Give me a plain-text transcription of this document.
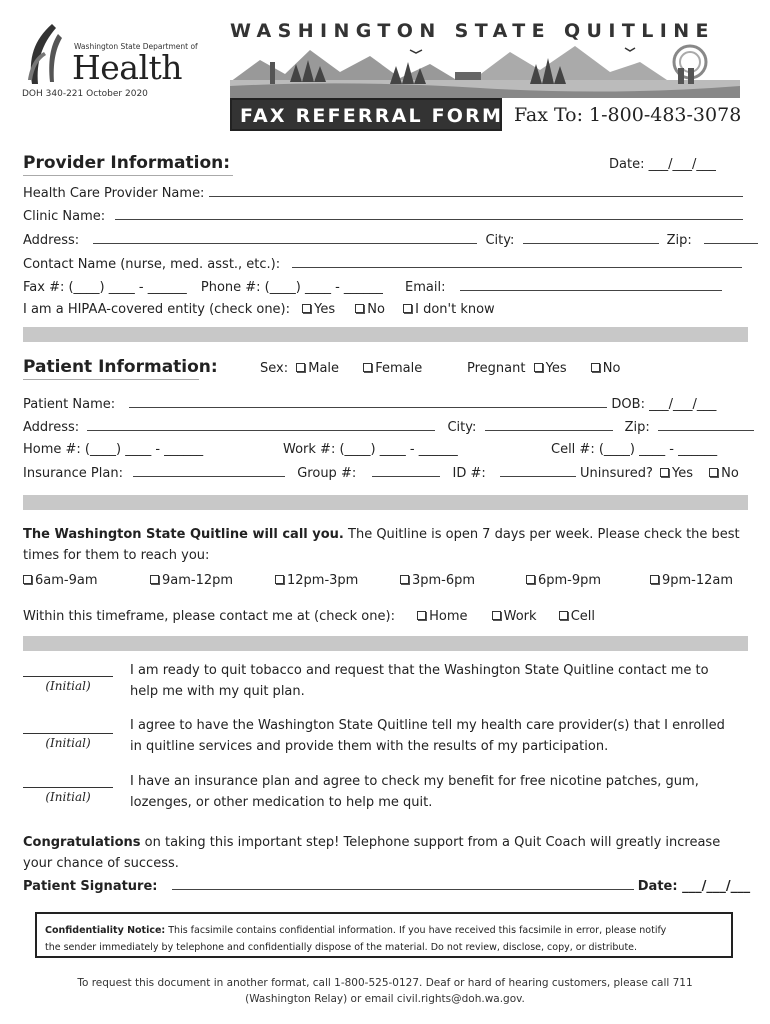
Washington State Department of
Health
DOH 340-221 October 2020
WASHINGTON STATE QUITLINE
FAX REFERRAL FORM Fax To: 1-800-483-3078
Provider Information:	Date: ___/___/___
Health Care Provider Name:
Clinic Name:
Address:	City:	Zip:
Contact Name (nurse, med. asst., etc.):
Fax #: (____) ____ - ______ Phone #: (____) ____ - ______ Email:
I am a HIPAA-covered entity (check one): Yes No I don't know
Patient Information:	Sex: Male	Female	Pregnant Yes	No
Patient Name:	DOB: ___/___/___
Address:	City:	Zip:
Home #: (____) ____ - ______	Work #: (____) ____ - ______	Cell #: (____) ____ - ______
Insurance Plan:	Group #:	ID #:	Uninsured? Yes No
The Washington State Quitline will call you. The Quitline is open 7 days per week. Please check the best
times for them to reach you:
6am-9am	9am-12pm	12pm-3pm	3pm-6pm	6pm-9pm	9pm-12am
Within this timeframe, please contact me at (check one):	Home	Work	Cell
(Initial)
I am ready to quit tobacco and request that the Washington State Quitline contact me to
help me with my quit plan.
(Initial)
I agree to have the Washington State Quitline tell my health care provider(s) that I enrolled
in quitline services and provide them with the results of my participation.
(Initial)
I have an insurance plan and agree to check my benefit for free nicotine patches, gum,
lozenges, or other medication to help me quit.
Congratulations on taking this important step! Telephone support from a Quit Coach will greatly increase
your chance of success.
Patient Signature:	Date: ___/___/___
Confidentiality Notice: This facsimile contains confidential information. If you have received this facsimile in error, please notify
the sender immediately by telephone and confidentially dispose of the material. Do not review, disclose, copy, or distribute.
To request this document in another format, call 1-800-525-0127. Deaf or hard of hearing customers, please call 711
(Washington Relay) or email civil.rights@doh.wa.gov.
